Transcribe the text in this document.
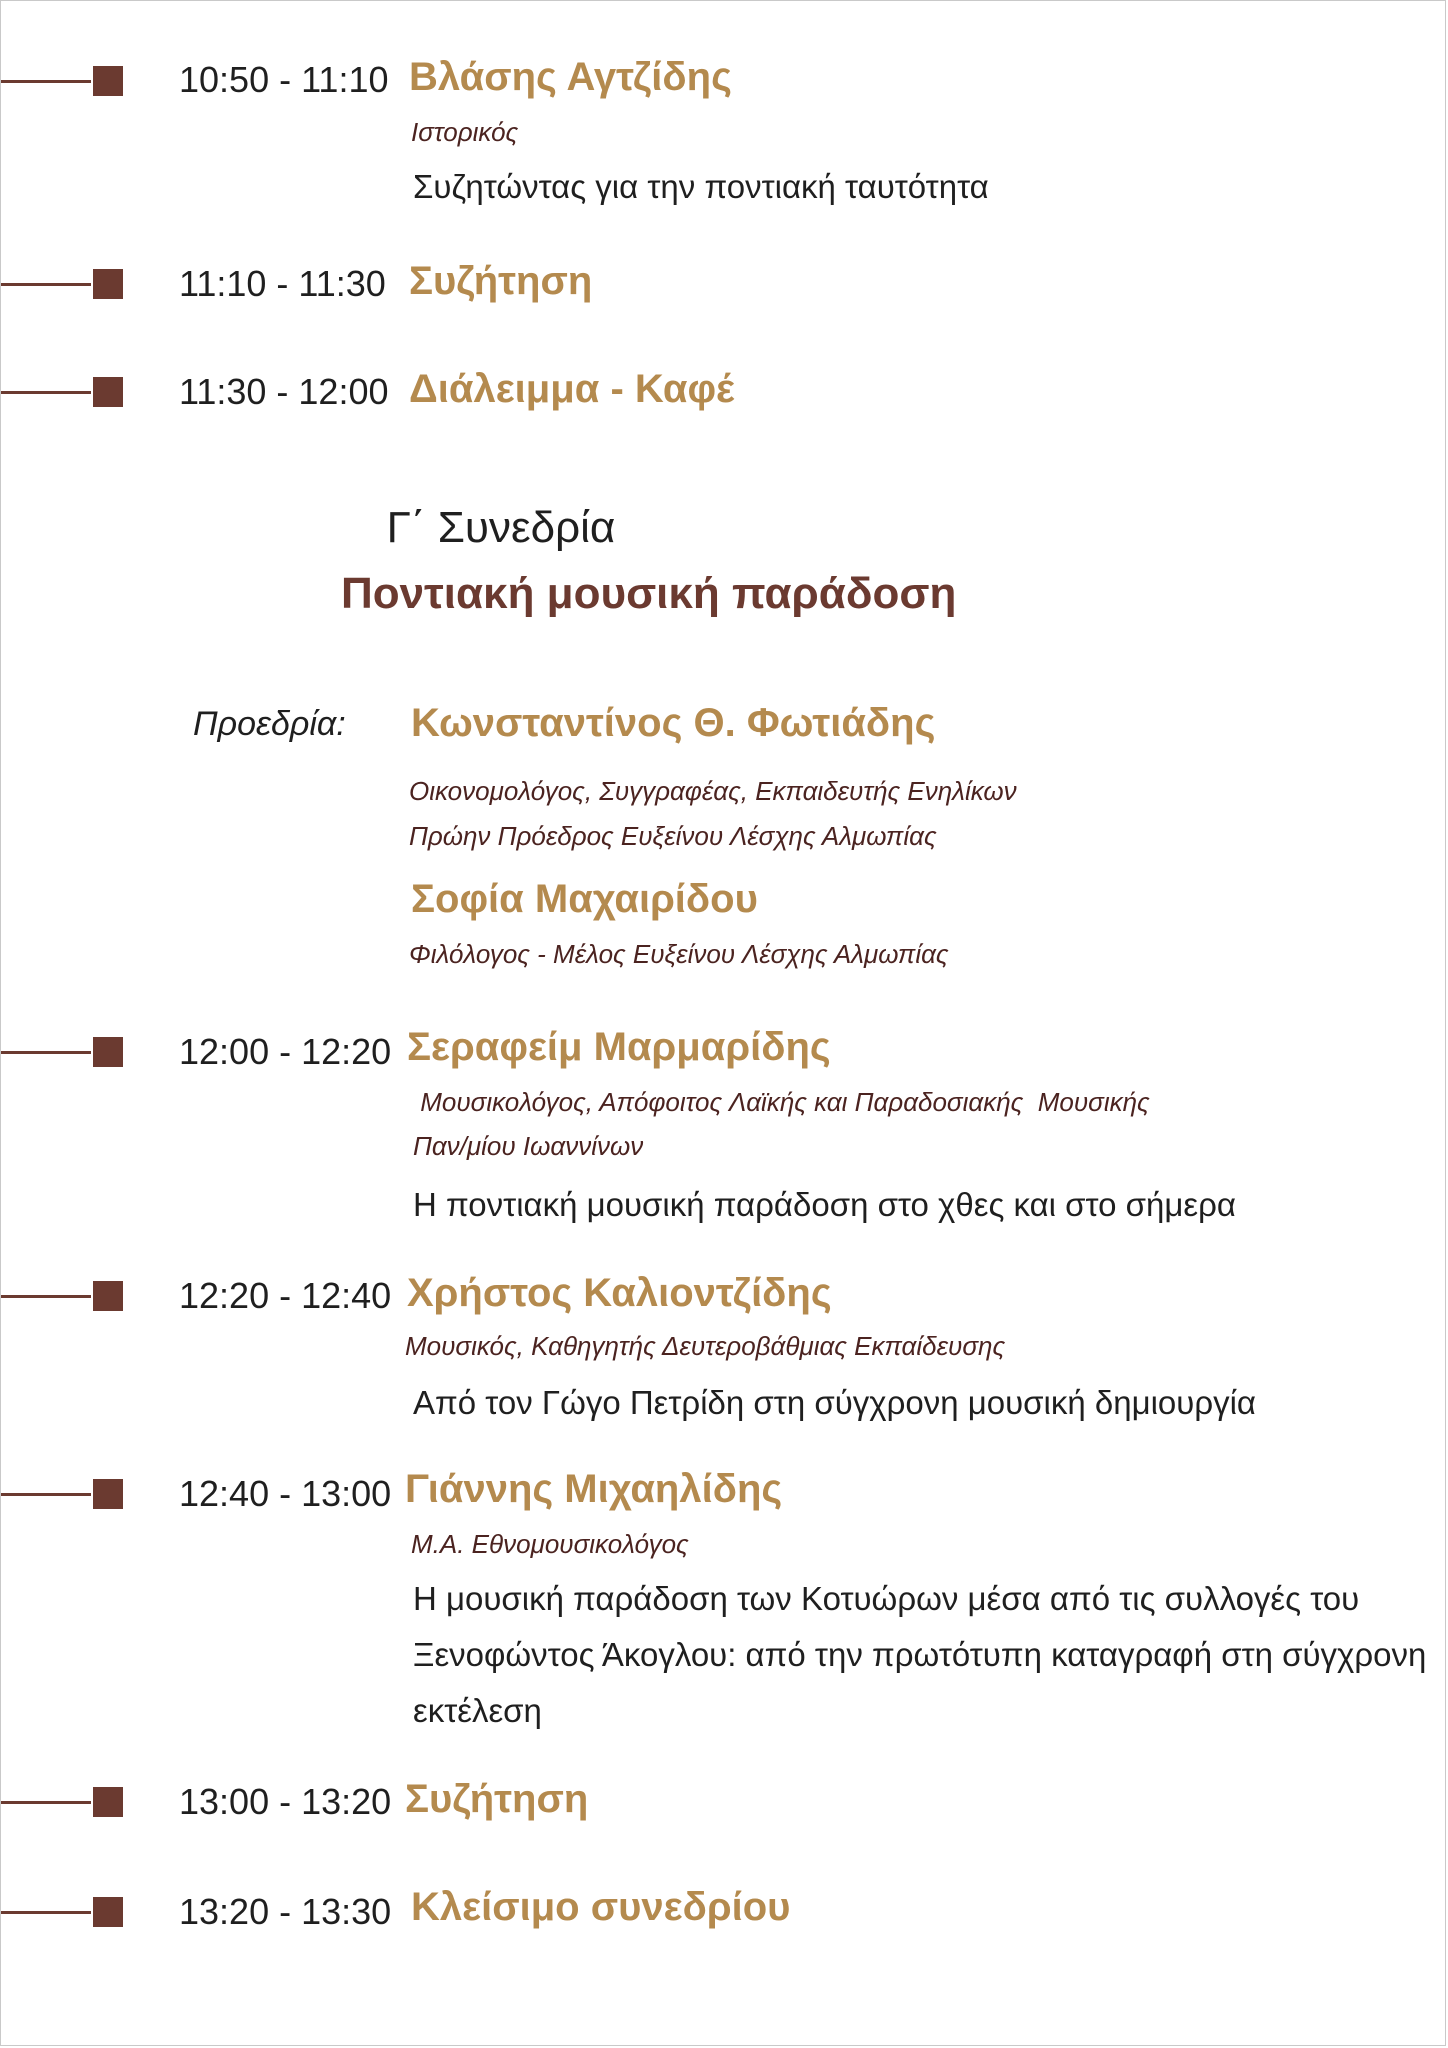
10:50 - 11:10 Βλάσης Αγτζίδης
Ιστορικός
Συζητώντας για την ποντιακή ταυτότητα
11:10 - 11:30 Συζήτηση
11:30 - 12:00 Διάλειμμα - Καφέ
Γ΄ Συνεδρία
Ποντιακή μουσική παράδοση
Προεδρία: Κωνσταντίνος Θ. Φωτιάδης
Οικονομολόγος, Συγγραφέας, Εκπαιδευτής Ενηλίκων
Πρώην Πρόεδρος Ευξείνου Λέσχης Αλμωπίας
Σοφία Μαχαιρίδου
Φιλόλογος - Μέλος Ευξείνου Λέσχης Αλμωπίας
12:00 - 12:20 Σεραφείμ Μαρμαρίδης
Μουσικολόγος, Απόφοιτος Λαϊκής και Παραδοσιακής  Μουσικής
Παν/μίου Ιωαννίνων
Η ποντιακή μουσική παράδοση στο χθες και στο σήμερα
12:20 - 12:40 Χρήστος Καλιοντζίδης
Μουσικός, Καθηγητής Δευτεροβάθμιας Εκπαίδευσης
Από τον Γώγο Πετρίδη στη σύγχρονη μουσική δημιουργία
12:40 - 13:00 Γιάννης Μιχαηλίδης
Μ.Α. Εθνομουσικολόγος
Η μουσική παράδοση των Κοτυώρων μέσα από τις συλλογές του
Ξενοφώντος Άκογλου: από την πρωτότυπη καταγραφή στη σύγχρονη
εκτέλεση
13:00 - 13:20 Συζήτηση
13:20 - 13:30 Κλείσιμο συνεδρίου
